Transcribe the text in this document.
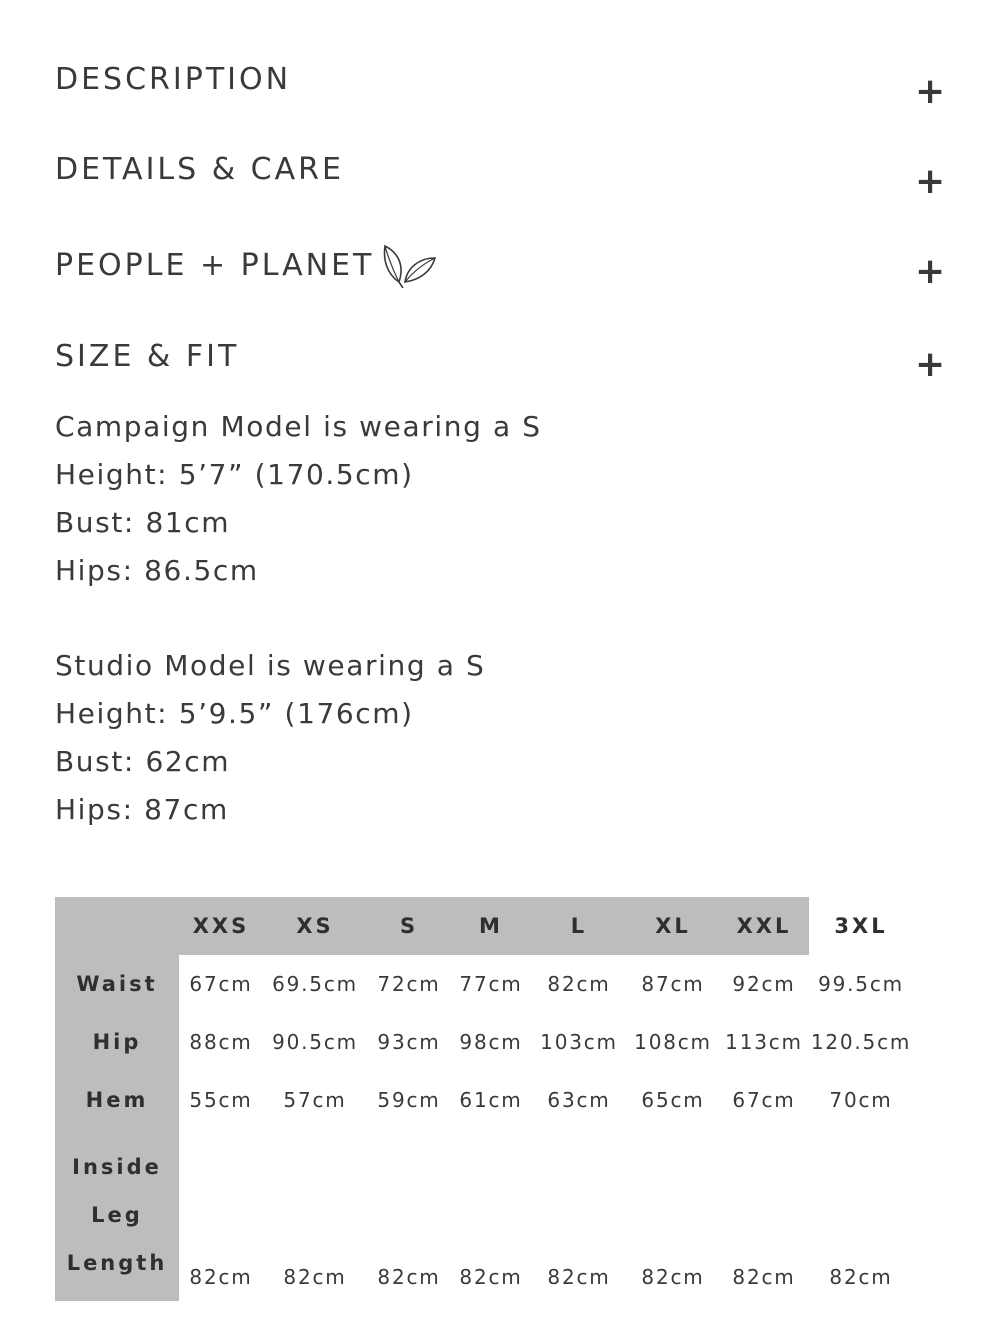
DESCRIPTION	+
DETAILS & CARE	+
PEOPLE + PLANET	+
SIZE & FIT	+
Campaign Model is wearing a S
Height: 5’7” (170.5cm)
Bust: 81cm
Hips: 86.5cm
Studio Model is wearing a S
Height: 5’9.5” (176cm)
Bust: 62cm
Hips: 87cm
	XXS	XS	S	M	L	XL	XXL	3XL
Waist	67cm	69.5cm	72cm	77cm	82cm	87cm	92cm	99.5cm
Hip	88cm	90.5cm	93cm	98cm	103cm	108cm	113cm	120.5cm
Hem	55cm	57cm	59cm	61cm	63cm	65cm	67cm	70cm

Inside
Leg
Length	82cm	82cm	82cm	82cm	82cm	82cm	82cm	82cm
